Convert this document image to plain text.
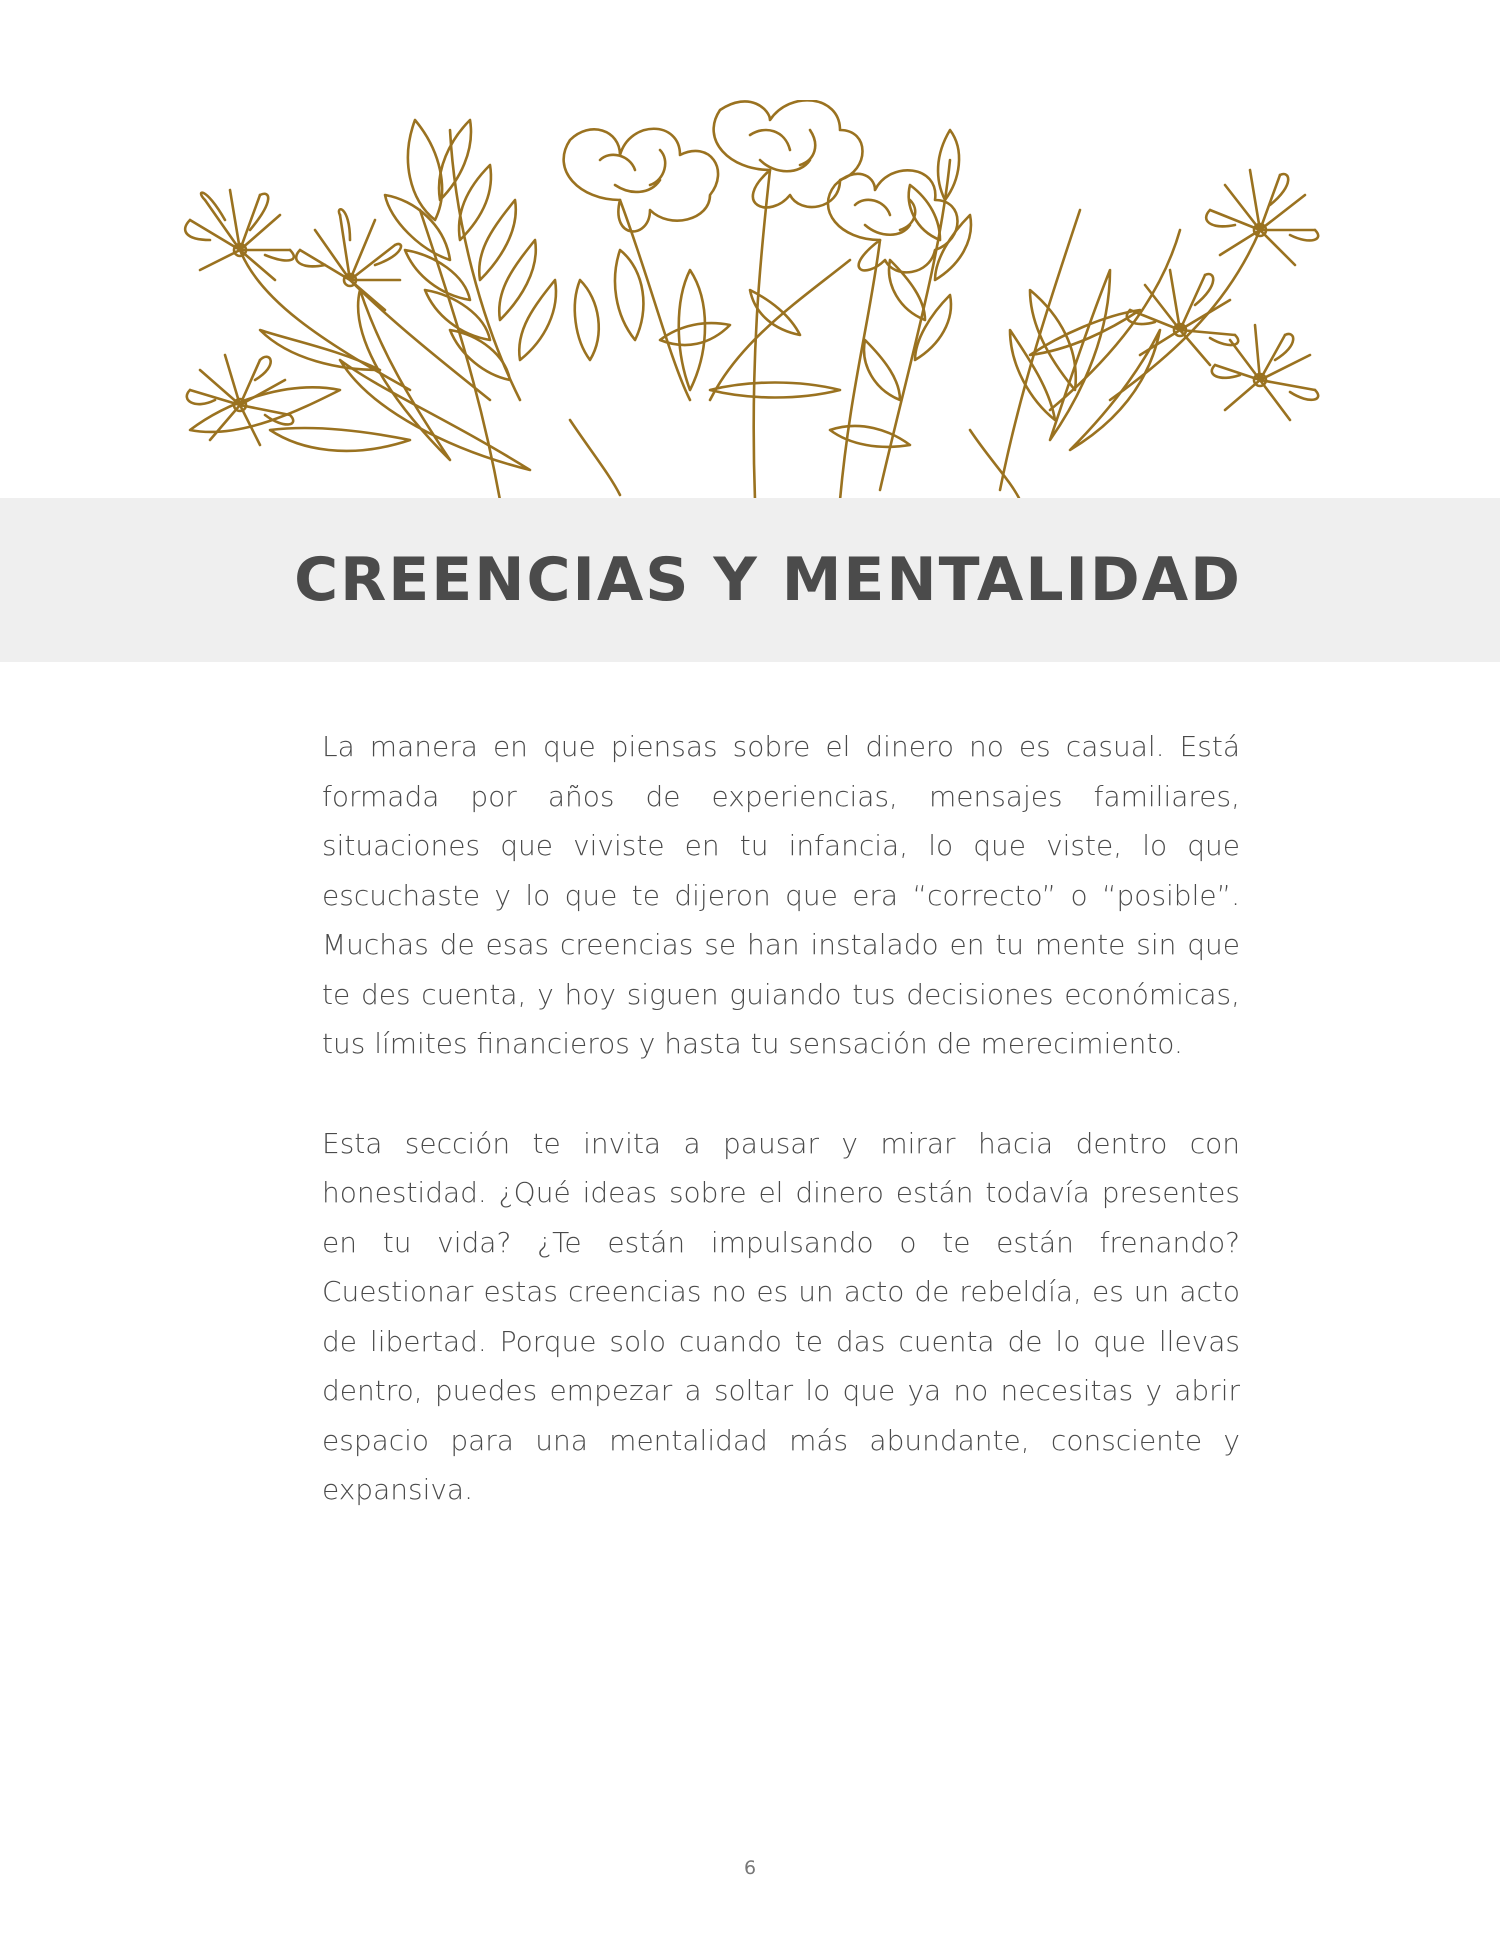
CREENCIAS Y MENTALIDAD

La manera en que piensas sobre el dinero no es casual. Está formada por años de experiencias, mensajes familiares, situaciones que viviste en tu infancia, lo que viste, lo que escuchaste y lo que te dijeron que era “correcto” o “posible”. Muchas de esas creencias se han instalado en tu mente sin que te des cuenta, y hoy siguen guiando tus decisiones económicas, tus límites financieros y hasta tu sensación de merecimiento.

Esta sección te invita a pausar y mirar hacia dentro con honestidad. ¿Qué ideas sobre el dinero están todavía presentes en tu vida? ¿Te están impulsando o te están frenando? Cuestionar estas creencias no es un acto de rebeldía, es un acto de libertad. Porque solo cuando te das cuenta de lo que llevas dentro, puedes empezar a soltar lo que ya no necesitas y abrir espacio para una mentalidad más abundante, consciente y expansiva.

6
